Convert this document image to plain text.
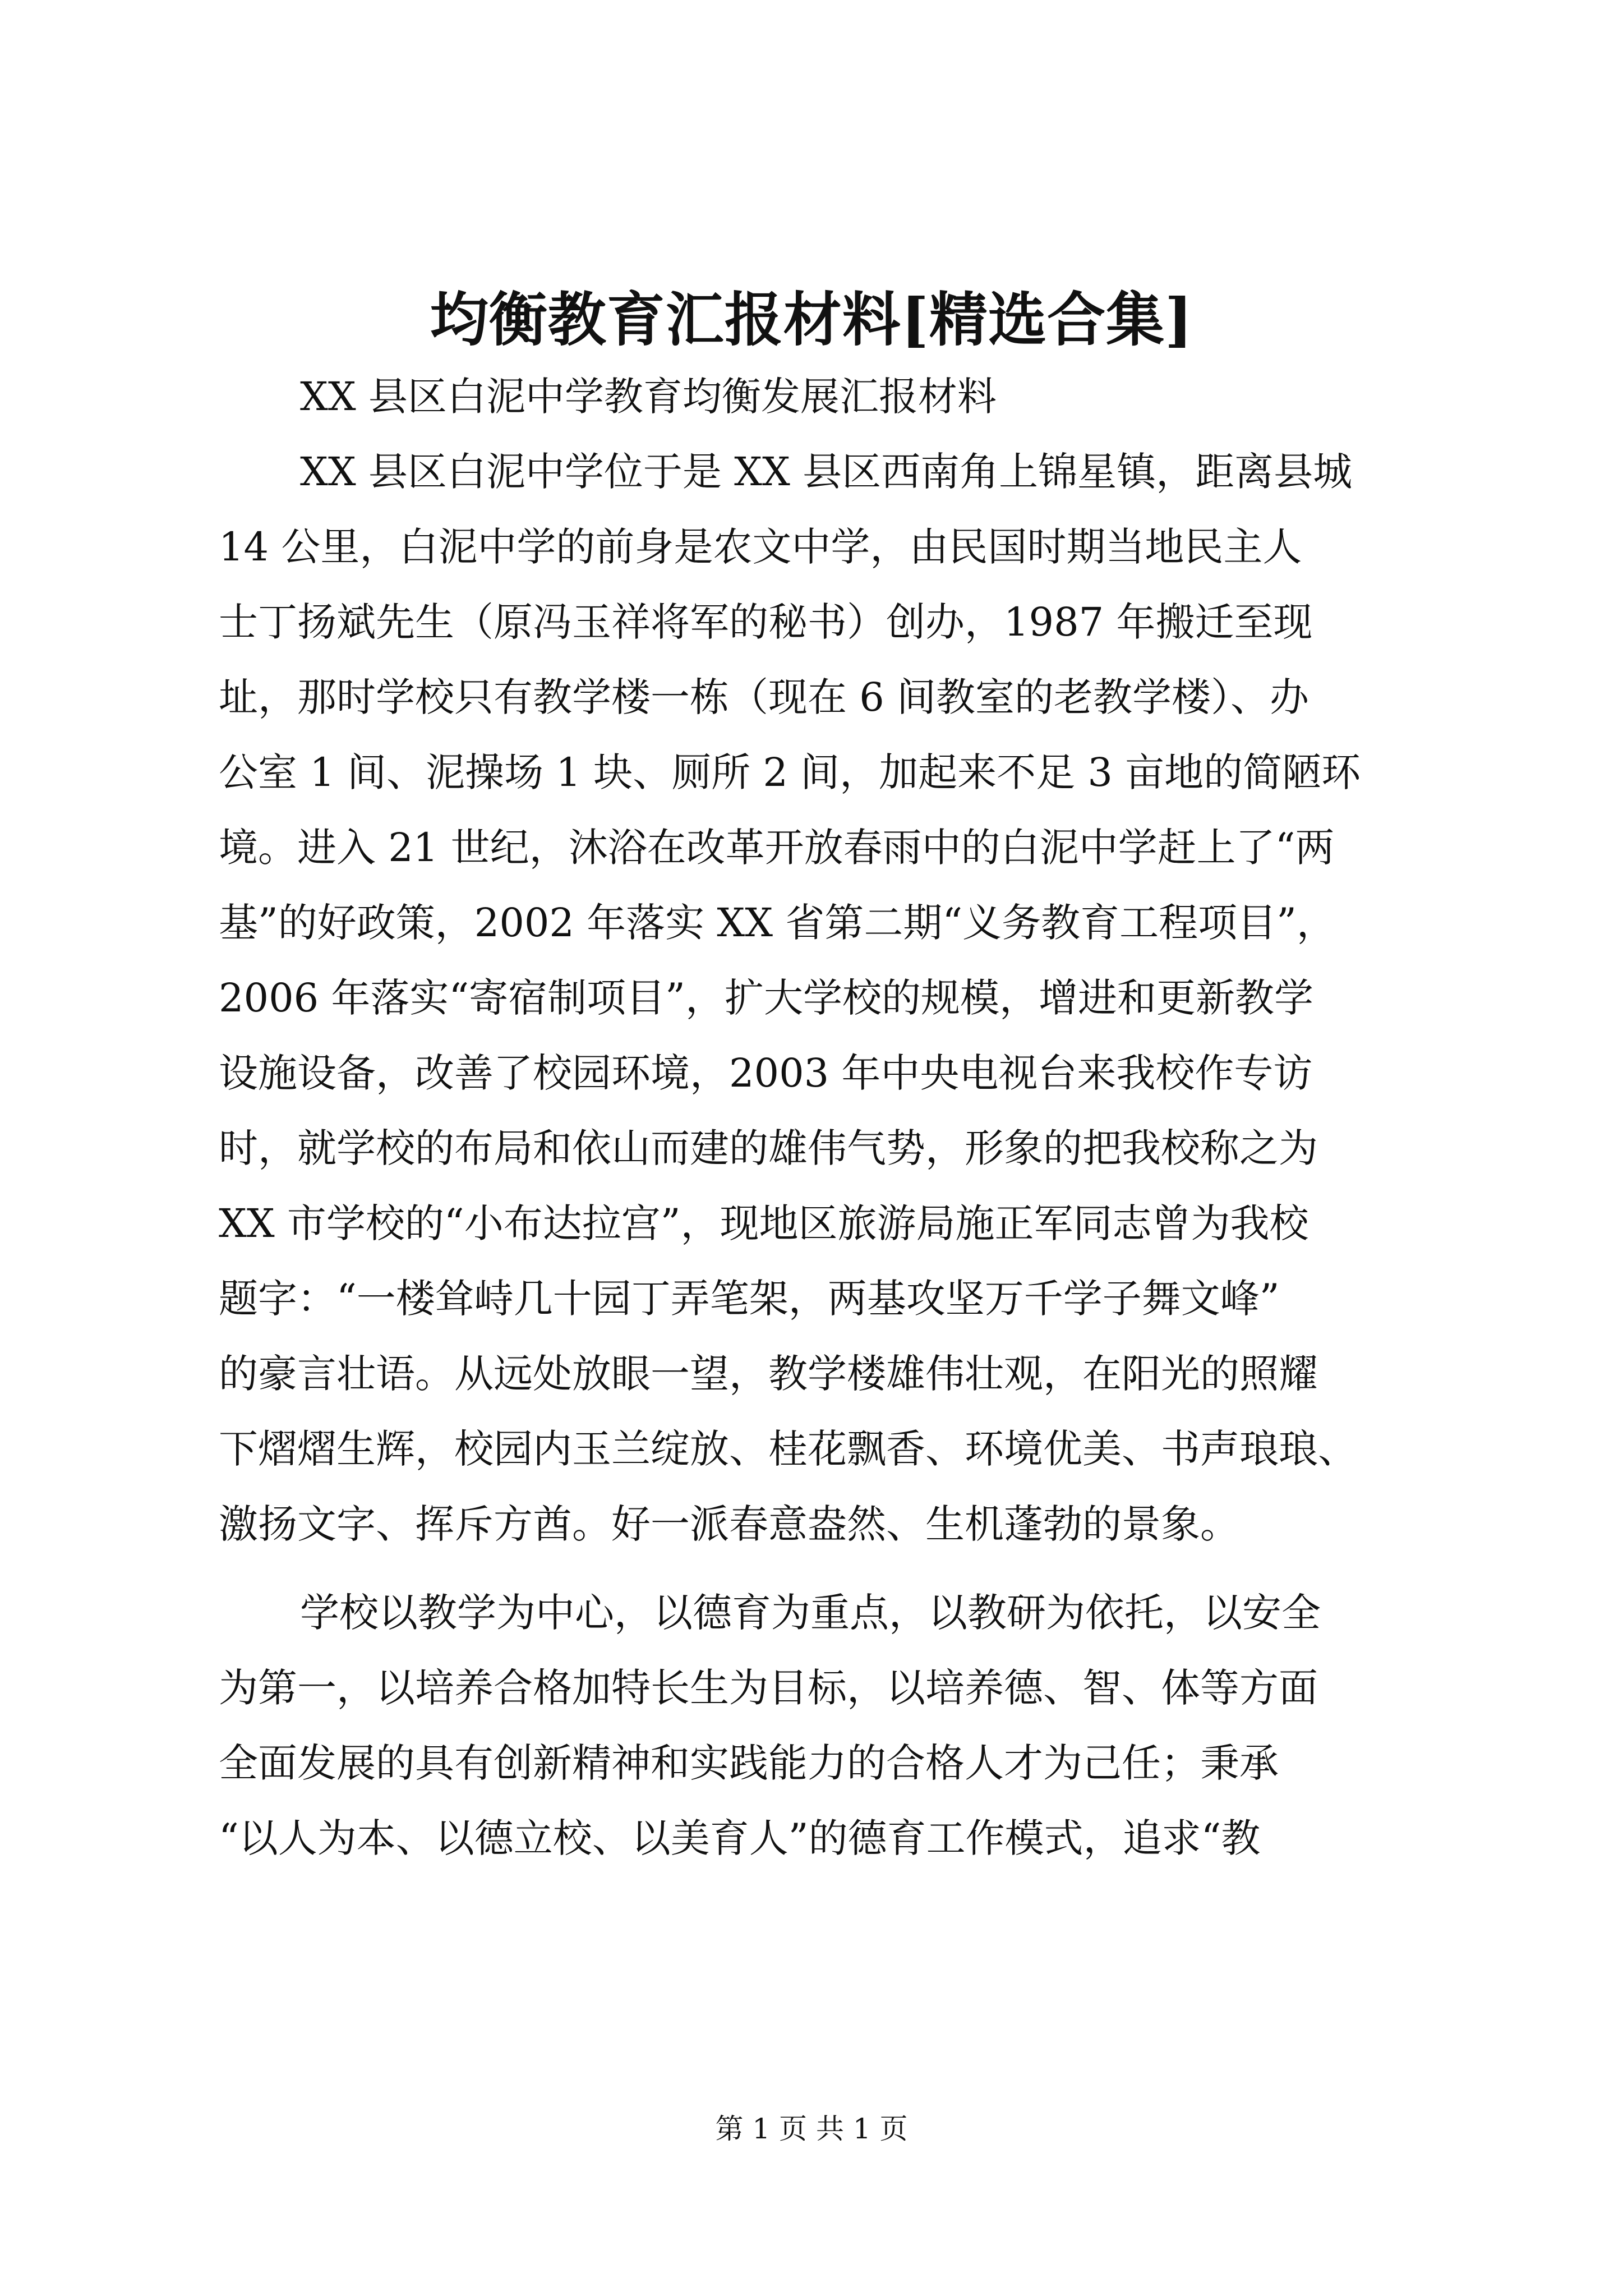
均衡教育汇报材料[精选合集]
XX 县区白泥中学教育均衡发展汇报材料
XX 县区白泥中学位于是 XX 县区西南角上锦星镇，距离县城
14 公里，白泥中学的前身是农文中学，由民国时期当地民主人
士丁扬斌先生（原冯玉祥将军的秘书）创办，1987 年搬迁至现
址，那时学校只有教学楼一栋（现在 6 间教室的老教学楼）、办
公室 1 间、泥操场 1 块、厕所 2 间，加起来不足 3 亩地的简陋环
境。进入 21 世纪，沐浴在改革开放春雨中的白泥中学赶上了“两
基”的好政策，2002 年落实 XX 省第二期“义务教育工程项目”，
2006 年落实“寄宿制项目”，扩大学校的规模，增进和更新教学
设施设备，改善了校园环境，2003 年中央电视台来我校作专访
时，就学校的布局和依山而建的雄伟气势，形象的把我校称之为
XX 市学校的“小布达拉宫”，现地区旅游局施正军同志曾为我校
题字：“一楼耸峙几十园丁弄笔架，两基攻坚万千学子舞文峰”
的豪言壮语。从远处放眼一望，教学楼雄伟壮观，在阳光的照耀
下熠熠生辉，校园内玉兰绽放、桂花飘香、环境优美、书声琅琅、
激扬文字、挥斥方酋。好一派春意盎然、生机蓬勃的景象。
学校以教学为中心，以德育为重点，以教研为依托，以安全
为第一，以培养合格加特长生为目标，以培养德、智、体等方面
全面发展的具有创新精神和实践能力的合格人才为己任；秉承
“以人为本、以德立校、以美育人”的德育工作模式，追求“教
第 1 页 共 1 页
